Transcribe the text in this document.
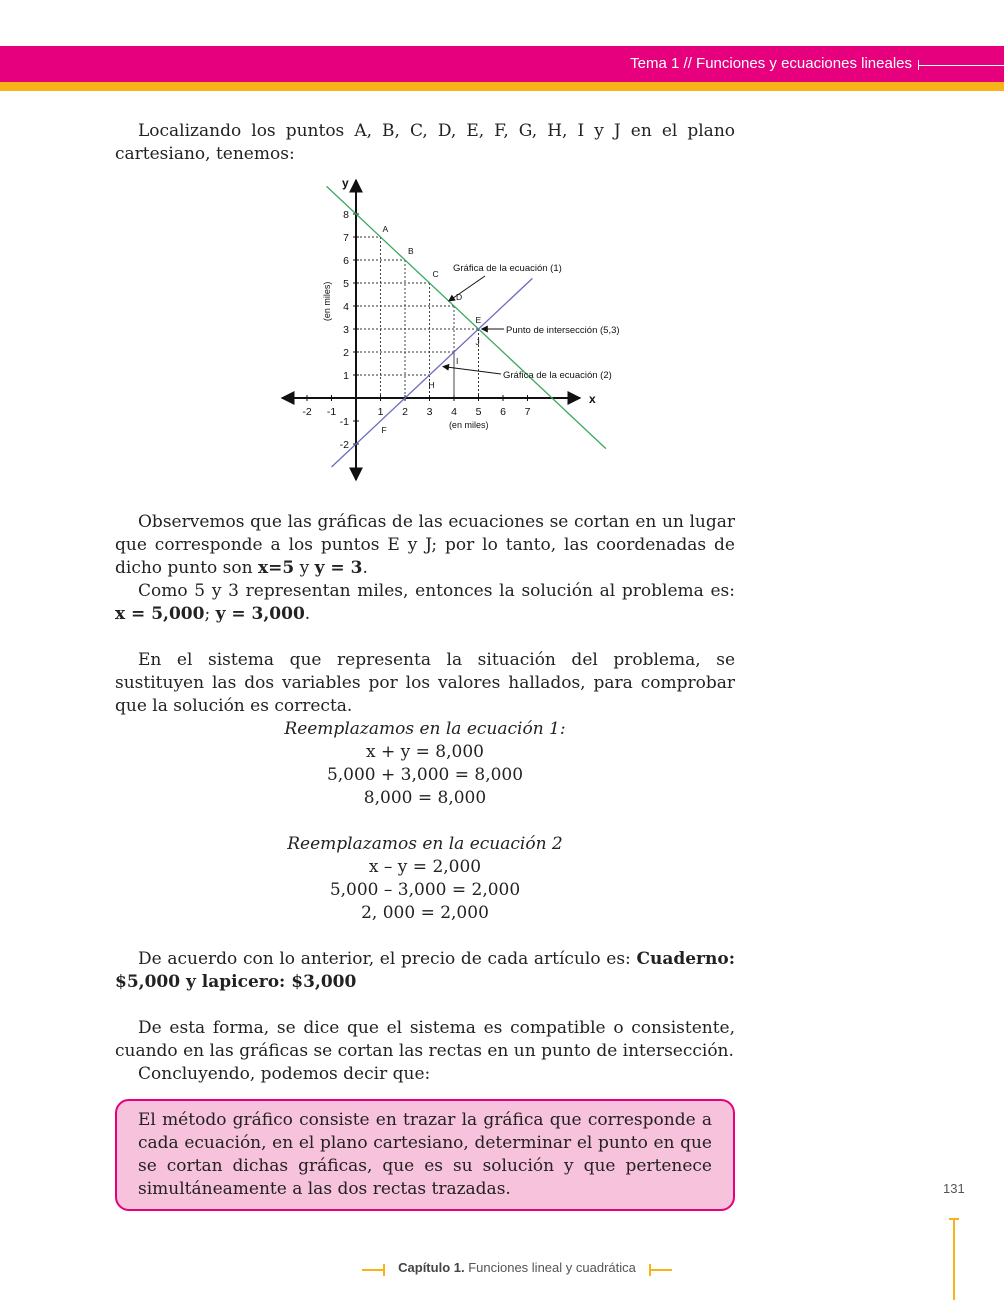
Tema 1 // Funciones y ecuaciones lineales

Localizando los puntos A, B, C, D, E, F, G, H, I y J en el plano cartesiano, tenemos:

x
y
(en miles)
(en miles)
-2 -1	1 2 3 4 5 6 7
-2
-1
1
2
3
4
5
6
7
8
A
B
C
D
E
F
H
I
J
Gráfica de la ecuación (1)
Punto de intersección (5,3)
Gráfica de la ecuación (2)

Observemos que las gráficas de las ecuaciones se cortan en un lugar que corresponde a los puntos E y J; por lo tanto, las coordenadas de dicho punto son x=5 y y = 3.

Como 5 y 3 representan miles, entonces la solución al problema es: x = 5,000; y = 3,000.

En el sistema que representa la situación del problema, se sustituyen las dos variables por los valores hallados, para comprobar que la solución es correcta.

Reemplazamos en la ecuación 1:
x + y = 8,000
5,000 + 3,000 = 8,000
8,000 = 8,000
Reemplazamos en la ecuación 2
x – y = 2,000
5,000 – 3,000 = 2,000
2, 000 = 2,000

De acuerdo con lo anterior, el precio de cada artículo es: Cuaderno: $5,000 y lapicero: $3,000

De esta forma, se dice que el sistema es compatible o consistente, cuando en las gráficas se cortan las rectas en un punto de intersección.

Concluyendo, podemos decir que:

El método gráfico consiste en trazar la gráfica que corresponde a cada ecuación, en el plano cartesiano, determinar el punto en que se cortan dichas gráficas, que es su solución y que pertenece simultáneamente a las dos rectas trazadas.	131
Capítulo 1. Funciones lineal y cuadrática
